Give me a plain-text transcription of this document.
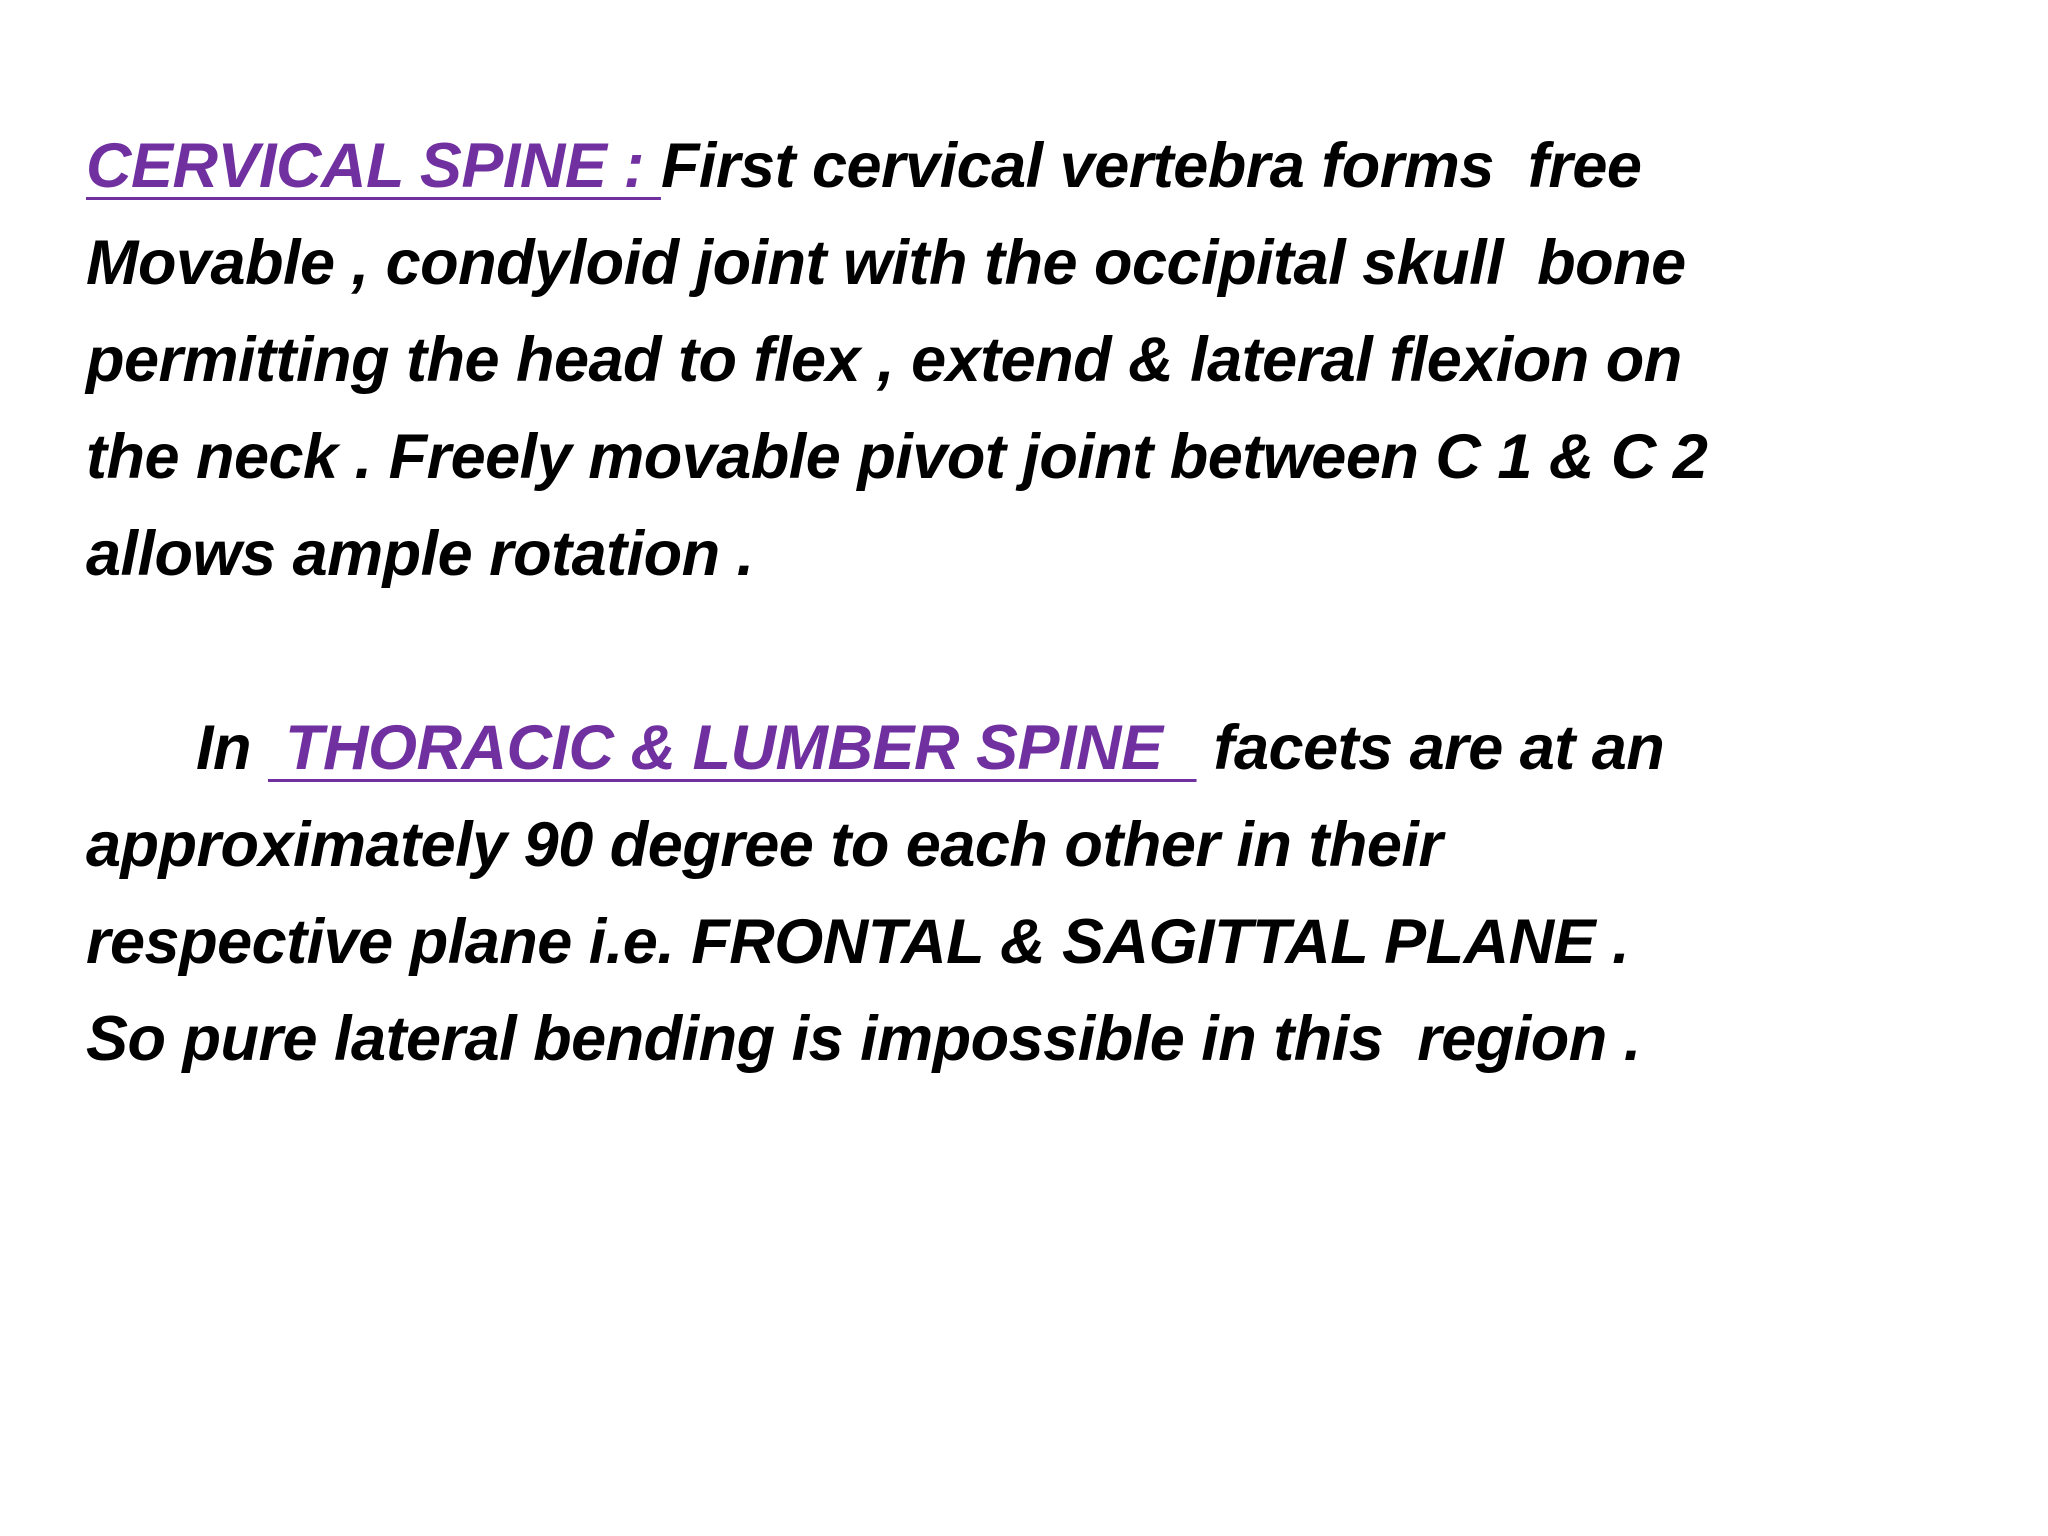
CERVICAL SPINE : First cervical vertebra forms  free
Movable , condyloid joint with the occipital skull  bone
permitting the head to flex , extend & lateral flexion on
the neck . Freely movable pivot joint between C 1 & C 2
allows ample rotation .
In  THORACIC & LUMBER SPINE   facets are at an
approximately 90 degree to each other in their
respective plane i.e. FRONTAL & SAGITTAL PLANE .
So pure lateral bending is impossible in this  region .
